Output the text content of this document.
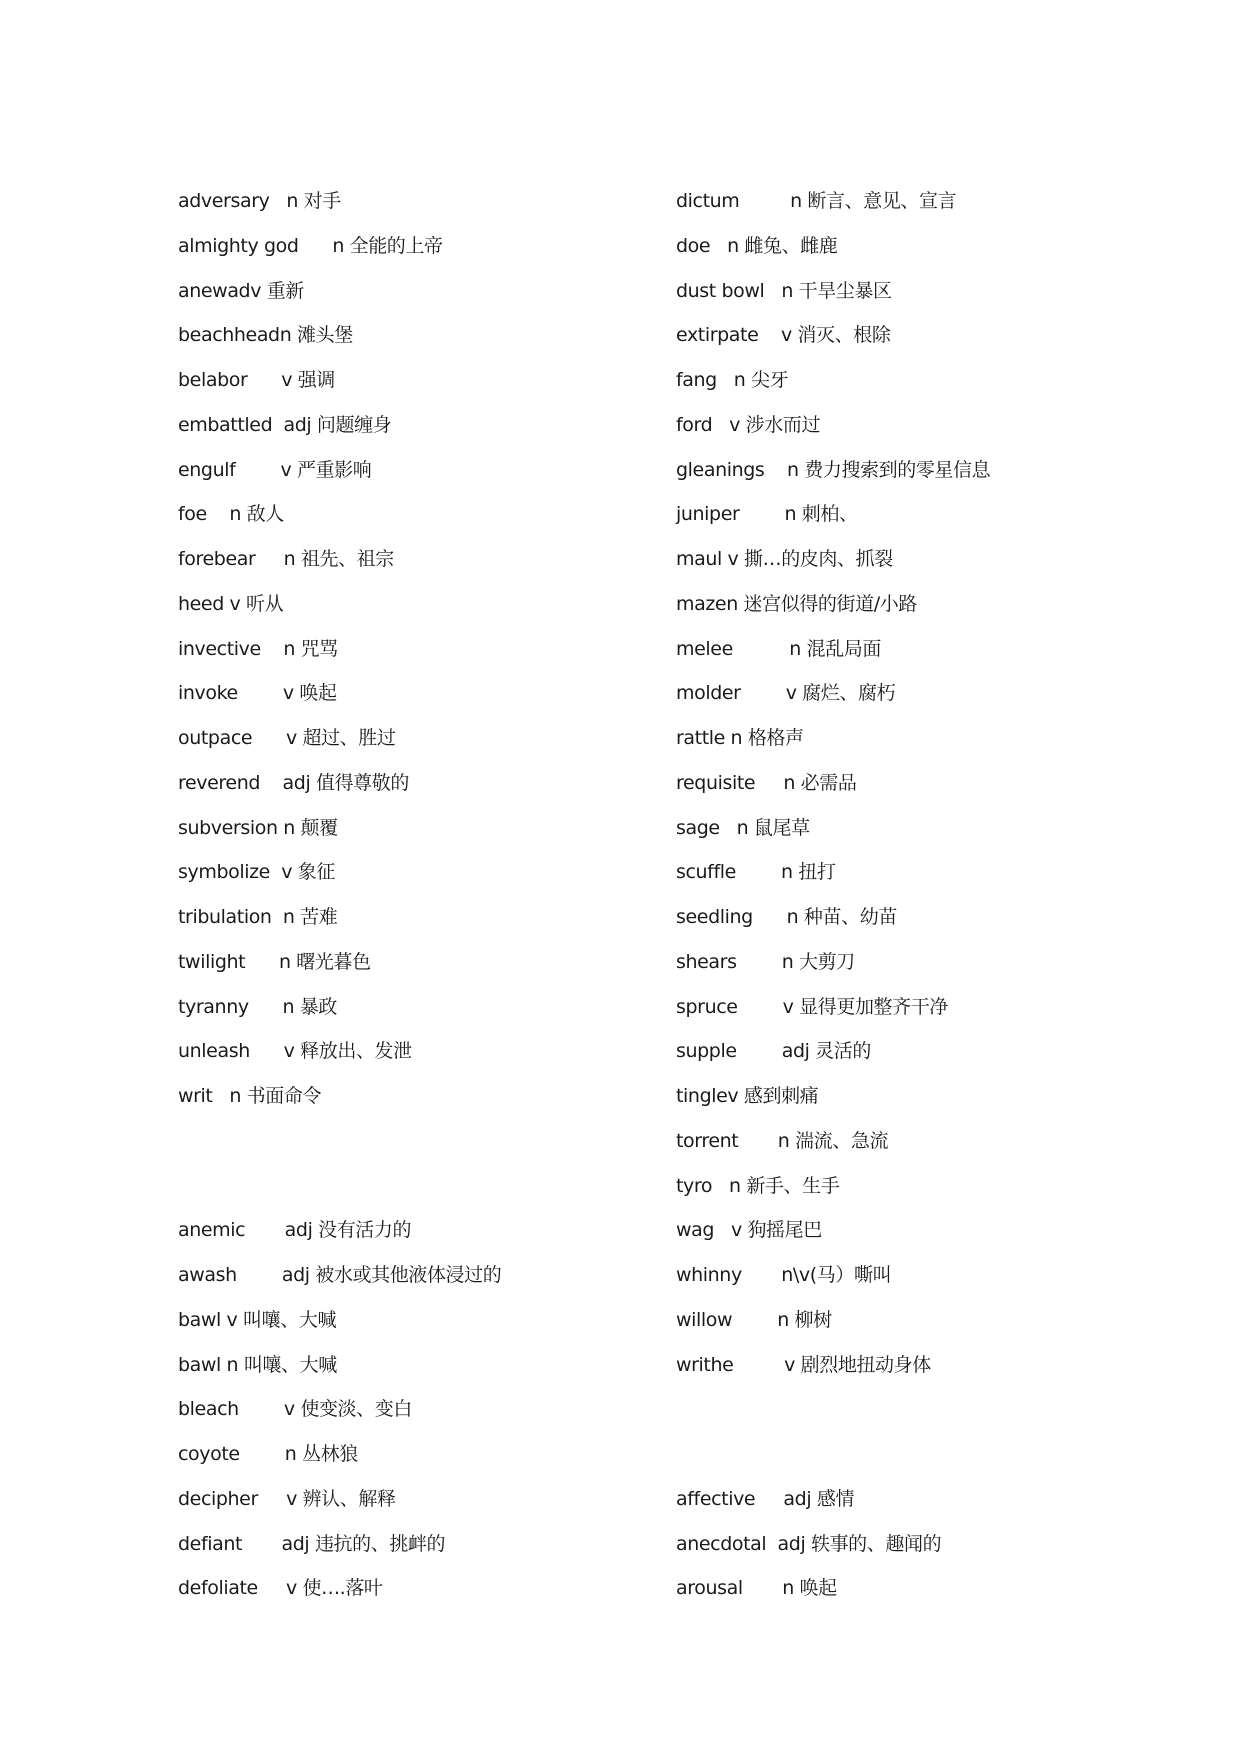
adversary   n 对手
almighty god      n 全能的上帝
anewadv 重新
beachheadn 滩头堡
belabor      v 强调
embattled  adj 问题缠身
engulf        v 严重影响
foe    n 敌人
forebear     n 祖先、祖宗
heed v 听从
invective    n 咒骂
invoke        v 唤起
outpace      v 超过、胜过
reverend    adj 值得尊敬的
subversion n 颠覆
symbolize  v 象征
tribulation  n 苦难
twilight      n 曙光暮色
tyranny      n 暴政
unleash      v 释放出、发泄
writ   n 书面命令
anemic       adj 没有活力的
awash        adj 被水或其他液体浸过的
bawl v 叫嚷、大喊
bawl n 叫嚷、大喊
bleach        v 使变淡、变白
coyote        n 丛林狼
decipher     v 辨认、解释
defiant       adj 违抗的、挑衅的
defoliate     v 使….落叶
dictum         n 断言、意见、宣言
doe   n 雌兔、雌鹿
dust bowl   n 干旱尘暴区
extirpate    v 消灭、根除
fang   n 尖牙
ford   v 涉水而过
gleanings    n 费力搜索到的零星信息
juniper        n 刺柏、
maul v 撕…的皮肉、抓裂
mazen 迷宫似得的街道/小路
melee          n 混乱局面
molder        v 腐烂、腐朽
rattle n 格格声
requisite     n 必需品
sage   n 鼠尾草
scuffle        n 扭打
seedling      n 种苗、幼苗
shears        n 大剪刀
spruce        v 显得更加整齐干净
supple        adj 灵活的
tinglev 感到刺痛
torrent       n 湍流、急流
tyro   n 新手、生手
wag   v 狗摇尾巴
whinny       n\v(马）嘶叫
willow        n 柳树
writhe         v 剧烈地扭动身体
affective     adj 感情
anecdotal  adj 轶事的、趣闻的
arousal       n 唤起
